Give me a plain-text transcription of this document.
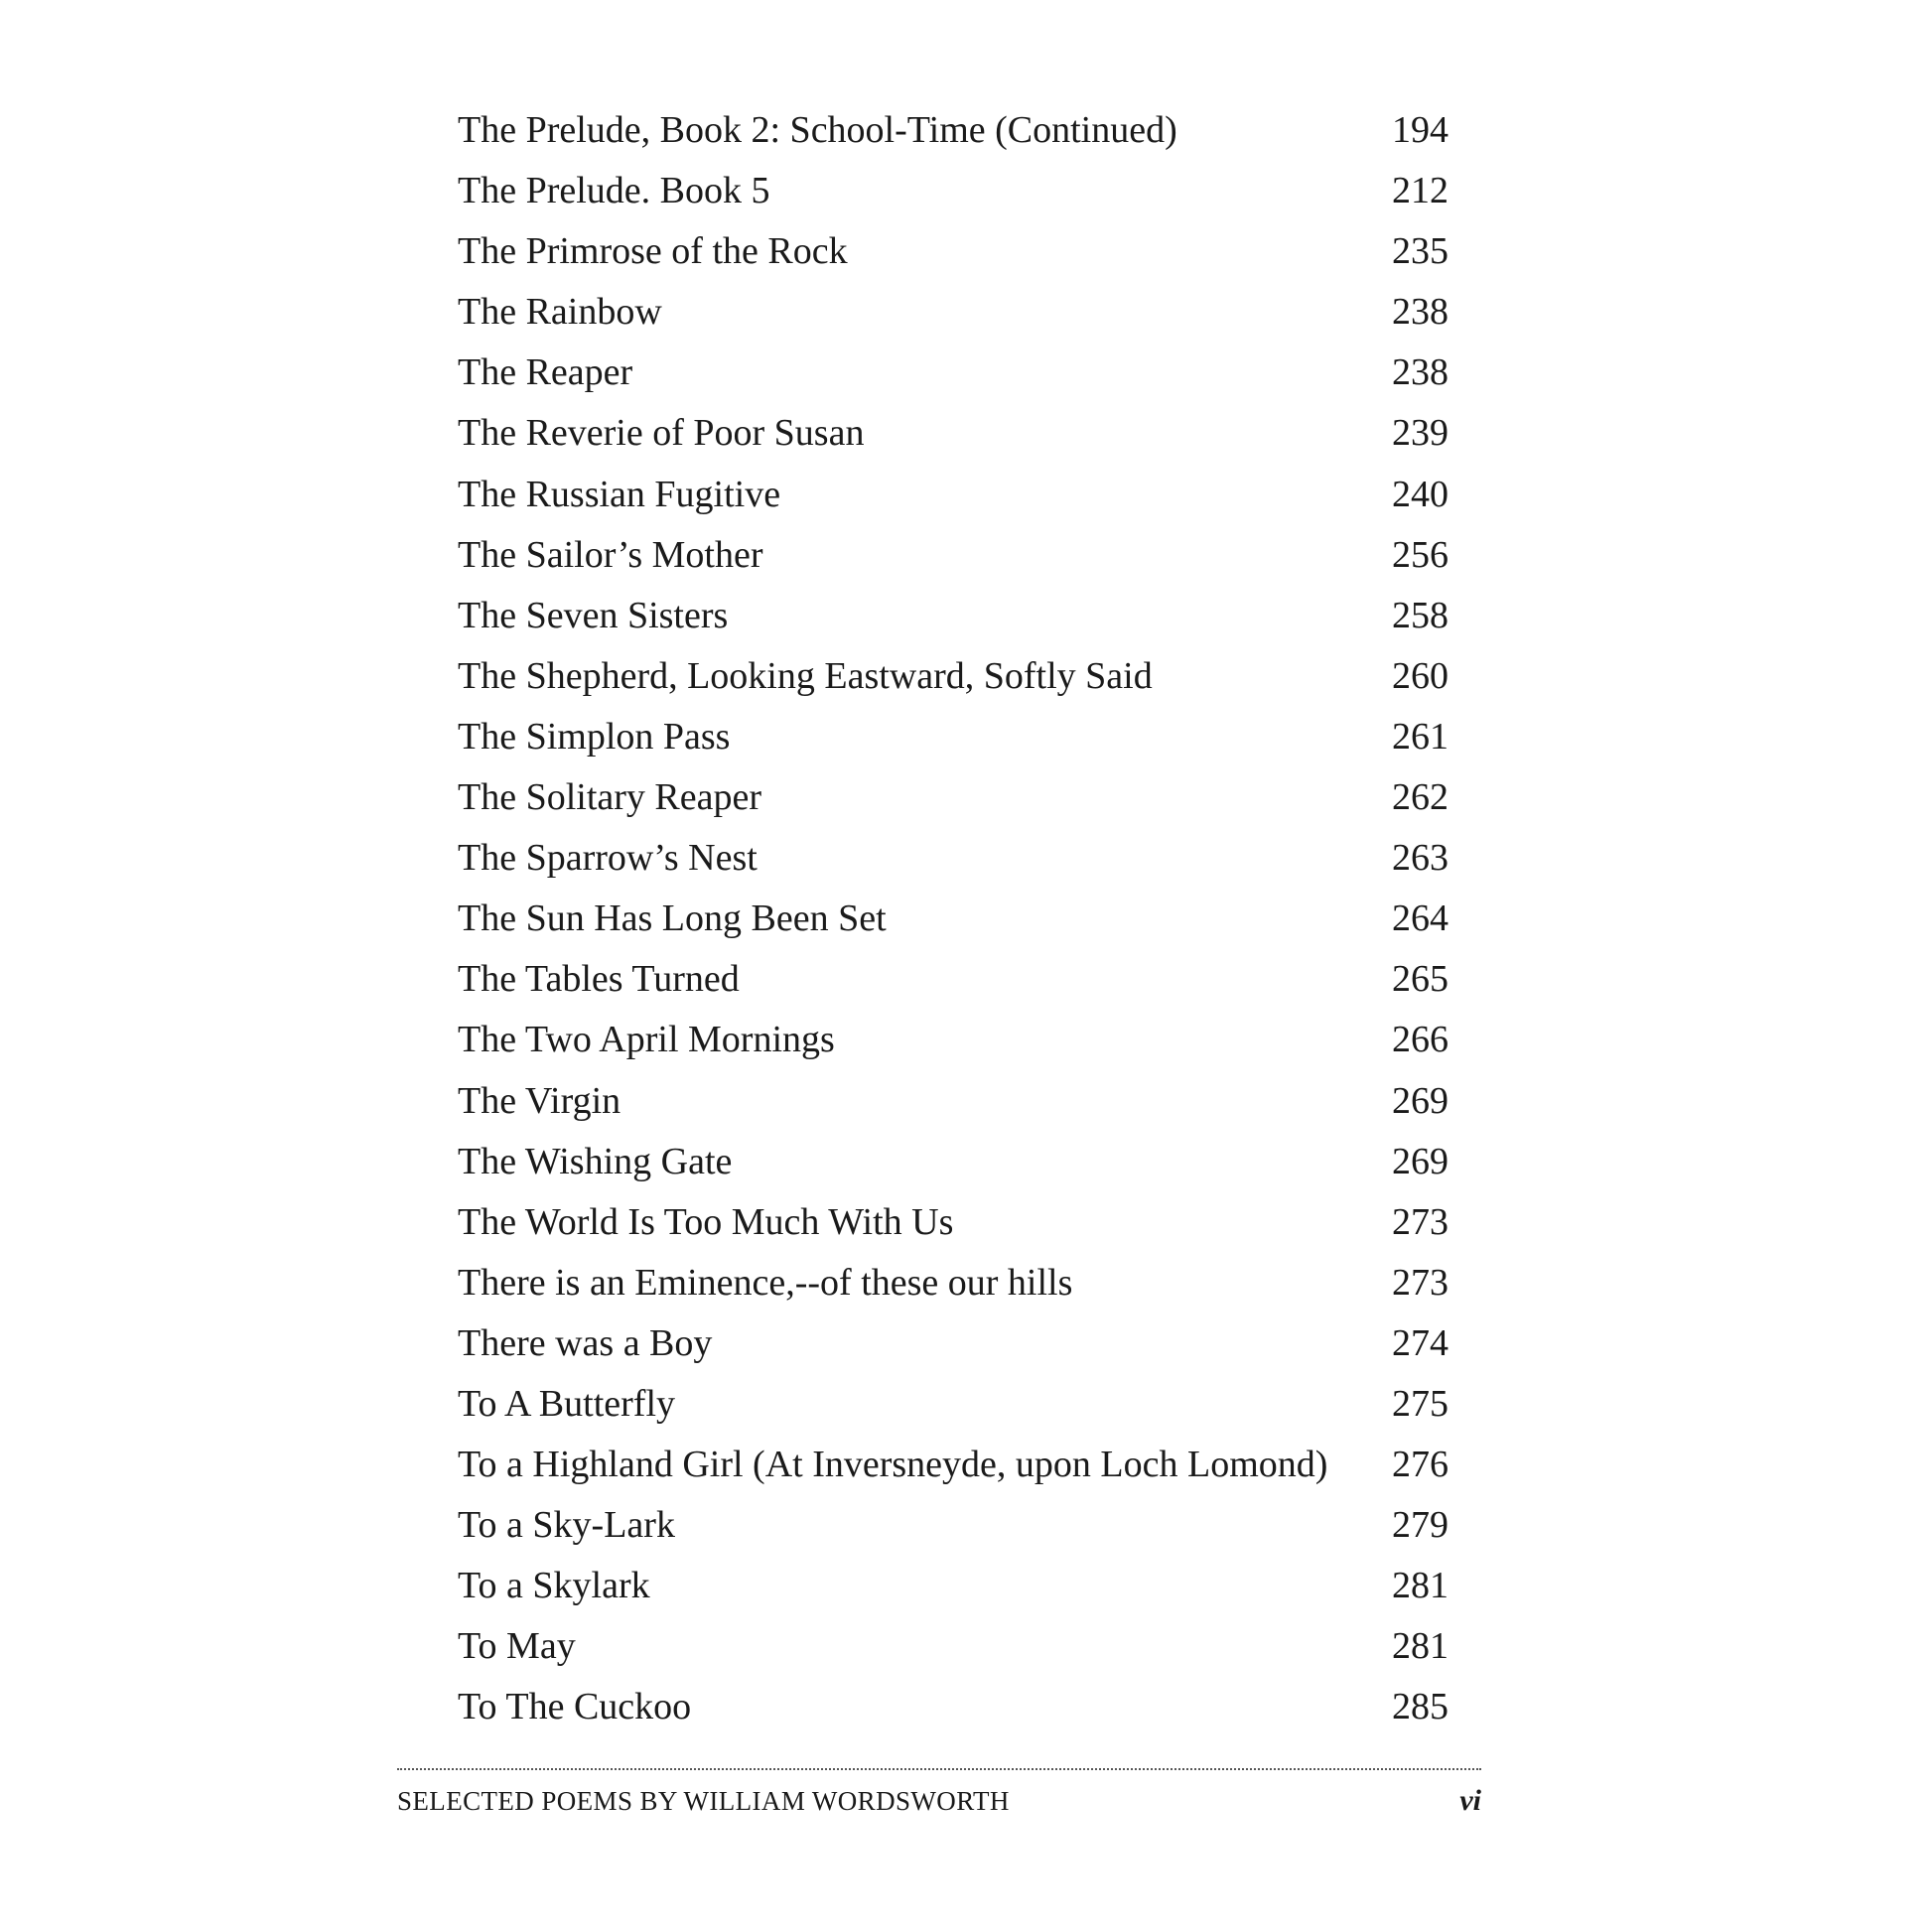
The Prelude, Book 2: School-Time (Continued)	194
The Prelude. Book 5	212
The Primrose of the Rock	235
The Rainbow	238
The Reaper	238
The Reverie of Poor Susan	239
The Russian Fugitive	240
The Sailor’s Mother	256
The Seven Sisters	258
The Shepherd, Looking Eastward, Softly Said	260
The Simplon Pass	261
The Solitary Reaper	262
The Sparrow’s Nest	263
The Sun Has Long Been Set	264
The Tables Turned	265
The Two April Mornings	266
The Virgin	269
The Wishing Gate	269
The World Is Too Much With Us	273
There is an Eminence,--of these our hills	273
There was a Boy	274
To A Butterfly	275
To a Highland Girl (At Inversneyde, upon Loch Lomond) 276
To a Sky-Lark	279
To a Skylark	281
To May	281
To The Cuckoo	285
SELECTED POEMS BY WILLIAM WORDSWORTH	vi
